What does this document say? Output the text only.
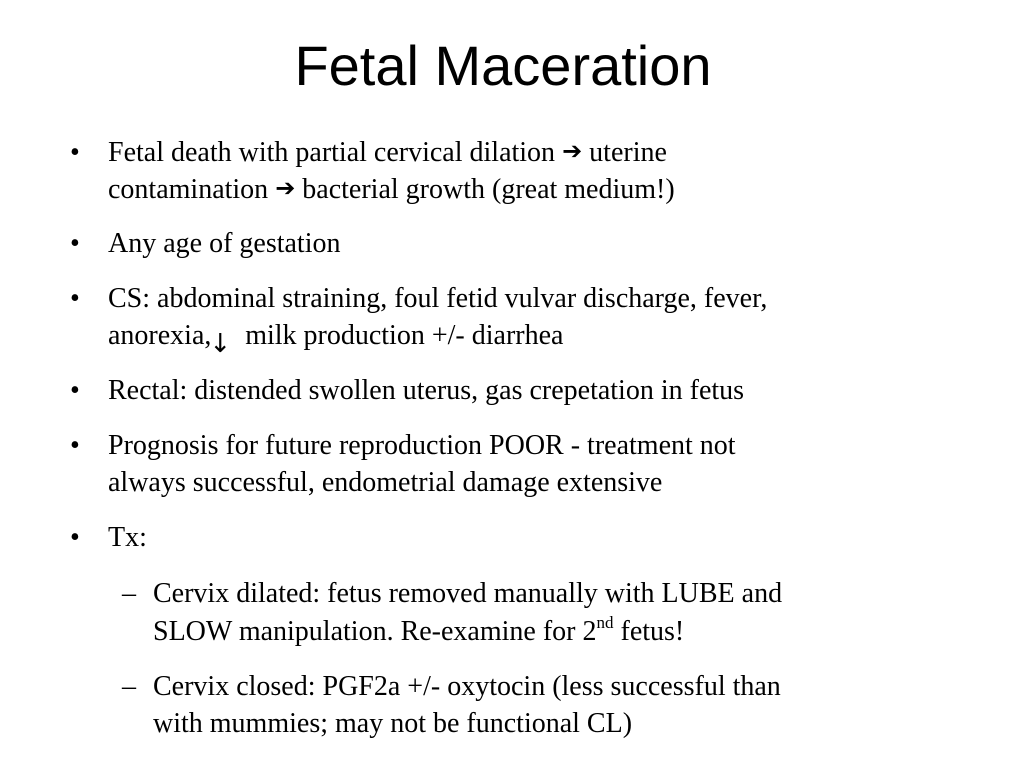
Fetal Maceration
•	Fetal death with partial cervical dilation ➔ uterine
contamination ➔ bacterial growth (great medium!)
•	Any age of gestation
•	CS: abdominal straining, foul fetid vulvar discharge, fever,
anorexia,↓ milk production +/- diarrhea
•	Rectal: distended swollen uterus, gas crepetation in fetus
•	Prognosis for future reproduction POOR - treatment not
always successful, endometrial damage extensive
•	Tx:
– Cervix dilated: fetus removed manually with LUBE and
SLOW manipulation. Re-examine for 2nd fetus!
– Cervix closed: PGF2a +/- oxytocin (less successful than
with mummies; may not be functional CL)
